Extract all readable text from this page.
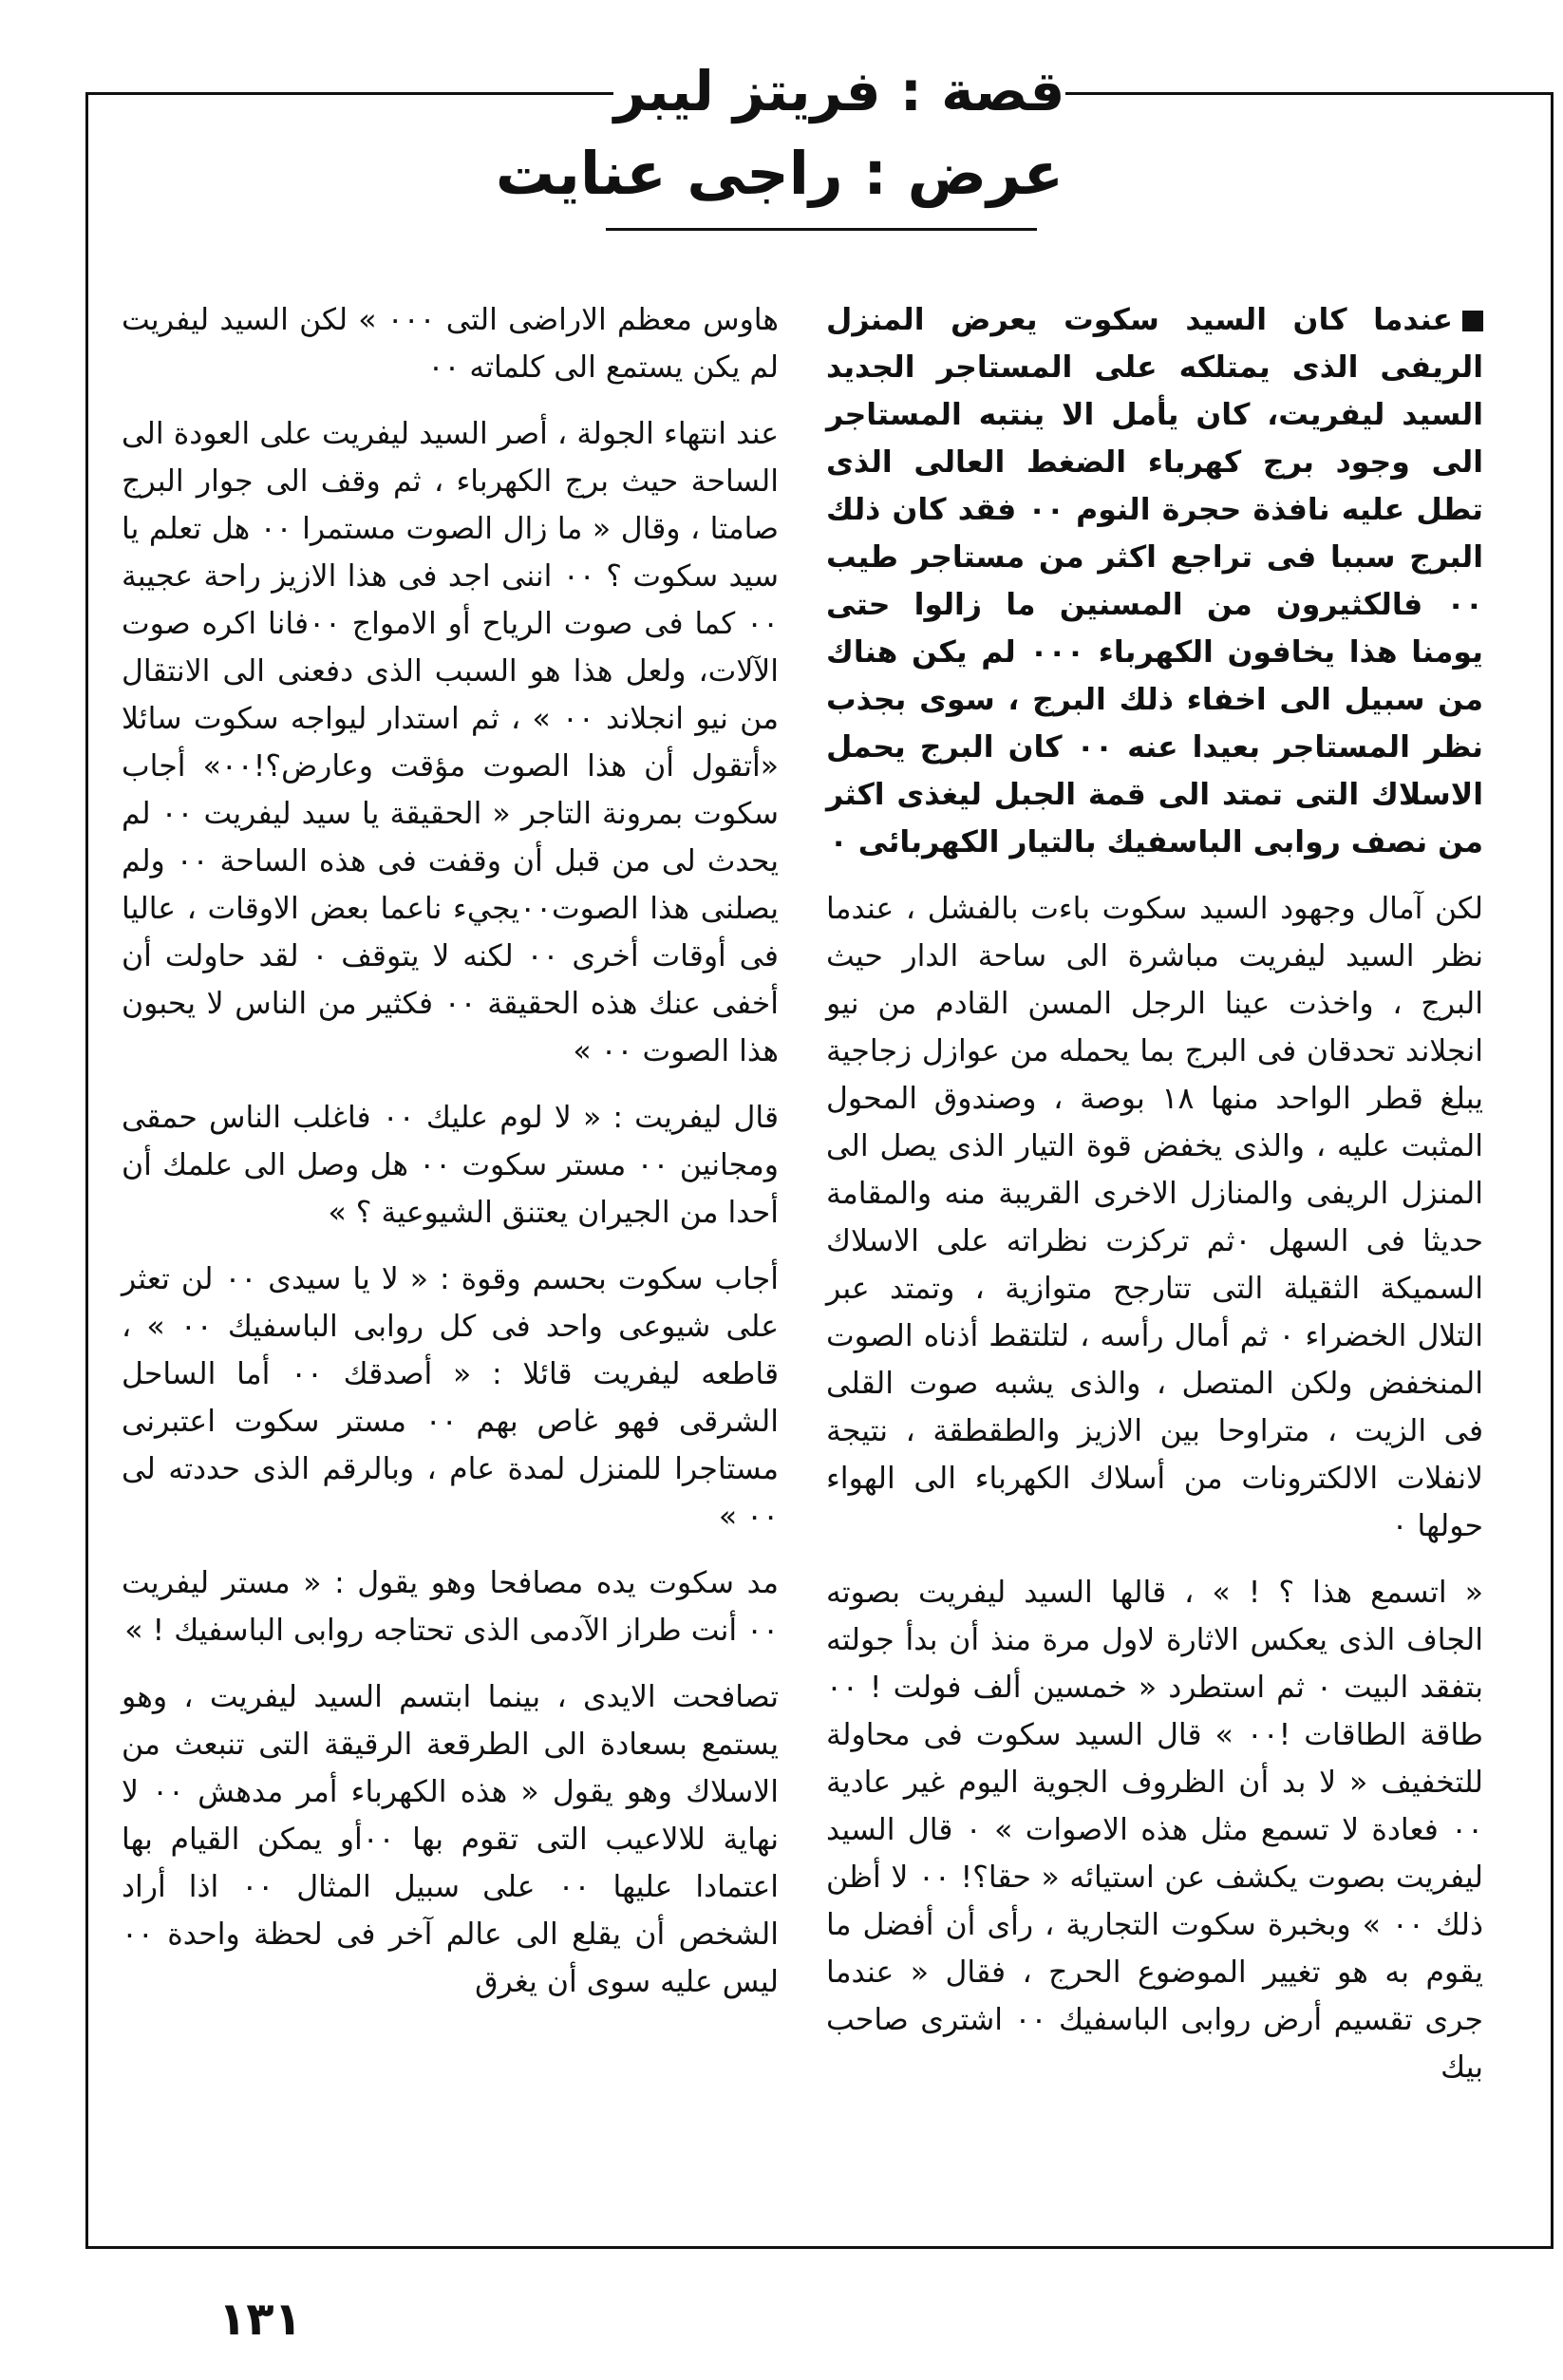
قصة : فريتز ليبر
عرض : راجى عنايت

عندما كان السيد سكوت يعرض المنزل الريفى الذى يمتلكه على المستاجر الجديد السيد ليفريت، كان يأمل الا ينتبه المستاجر الى وجود برج كهرباء الضغط العالى الذى تطل عليه نافذة حجرة النوم ٠٠ فقد كان ذلك البرج سببا فى تراجع اكثر من مستاجر طيب ٠٠ فالكثيرون من المسنين ما زالوا حتى يومنا هذا يخافون الكهرباء ٠٠٠ لم يكن هناك من سبيل الى اخفاء ذلك البرج ، سوى بجذب نظر المستاجر بعيدا عنه ٠٠ كان البرج يحمل الاسلاك التى تمتد الى قمة الجبل ليغذى اكثر من نصف روابى الباسفيك بالتيار الكهربائى ٠

لكن آمال وجهود السيد سكوت باءت بالفشل ، عندما نظر السيد ليفريت مباشرة الى ساحة الدار حيث البرج ، واخذت عينا الرجل المسن القادم من نيو انجلاند تحدقان فى البرج بما يحمله من عوازل زجاجية يبلغ قطر الواحد منها ١٨ بوصة ، وصندوق المحول المثبت عليه ، والذى يخفض قوة التيار الذى يصل الى المنزل الريفى والمنازل الاخرى القريبة منه والمقامة حديثا فى السهل ٠ثم تركزت نظراته على الاسلاك السميكة الثقيلة التى تتارجح متوازية ، وتمتد عبر التلال الخضراء ٠ ثم أمال رأسه ، لتلتقط أذناه الصوت المنخفض ولكن المتصل ، والذى يشبه صوت القلى فى الزيت ، متراوحا بين الازيز والطقطقة ، نتيجة لانفلات الالكترونات من أسلاك الكهرباء الى الهواء حولها ٠

« اتسمع هذا ؟ ! » ، قالها السيد ليفريت بصوته الجاف الذى يعكس الاثارة لاول مرة منذ أن بدأ جولته بتفقد البيت ٠ ثم استطرد « خمسين ألف فولت ! ٠٠ طاقة الطاقات !٠٠ » قال السيد سكوت فى محاولة للتخفيف « لا بد أن الظروف الجوية اليوم غير عادية ٠٠ فعادة لا تسمع مثل هذه الاصوات » ٠ قال السيد ليفريت بصوت يكشف عن استيائه « حقا؟! ٠٠ لا أظن ذلك ٠٠ » وبخبرة سكوت التجارية ، رأى أن أفضل ما يقوم به هو تغيير الموضوع الحرج ، فقال « عندما جرى تقسيم أرض روابى الباسفيك ٠٠ اشترى صاحب بيك

هاوس معظم الاراضى التى ٠٠٠ » لكن السيد ليفريت لم يكن يستمع الى كلماته ٠٠

عند انتهاء الجولة ، أصر السيد ليفريت على العودة الى الساحة حيث برج الكهرباء ، ثم وقف الى جوار البرج صامتا ، وقال « ما زال الصوت مستمرا ٠٠ هل تعلم يا سيد سكوت ؟ ٠٠ اننى اجد فى هذا الازيز راحة عجيبة ٠٠ كما فى صوت الرياح أو الامواج ٠٠فانا اكره صوت الآلات، ولعل هذا هو السبب الذى دفعنى الى الانتقال من نيو انجلاند ٠٠ » ، ثم استدار ليواجه سكوت سائلا «أتقول أن هذا الصوت مؤقت وعارض؟!٠٠» أجاب سكوت بمرونة التاجر « الحقيقة يا سيد ليفريت ٠٠ لم يحدث لى من قبل أن وقفت فى هذه الساحة ٠٠ ولم يصلنى هذا الصوت٠٠يجيء ناعما بعض الاوقات ، عاليا فى أوقات أخرى ٠٠ لكنه لا يتوقف ٠ لقد حاولت أن أخفى عنك هذه الحقيقة ٠٠ فكثير من الناس لا يحبون هذا الصوت ٠٠ »

قال ليفريت : « لا لوم عليك ٠٠ فاغلب الناس حمقى ومجانين ٠٠ مستر سكوت ٠٠ هل وصل الى علمك أن أحدا من الجيران يعتنق الشيوعية ؟ »

أجاب سكوت بحسم وقوة : « لا يا سيدى ٠٠ لن تعثر على شيوعى واحد فى كل روابى الباسفيك ٠٠ » ، قاطعه ليفريت قائلا : « أصدقك ٠٠ أما الساحل الشرقى فهو غاص بهم ٠٠ مستر سكوت اعتبرنى مستاجرا للمنزل لمدة عام ، وبالرقم الذى حددته لى ٠٠ »

مد سكوت يده مصافحا وهو يقول : « مستر ليفريت ٠٠ أنت طراز الآدمى الذى تحتاجه روابى الباسفيك ! »

تصافحت الايدى ، بينما ابتسم السيد ليفريت ، وهو يستمع بسعادة الى الطرقعة الرقيقة التى تنبعث من الاسلاك وهو يقول « هذه الكهرباء أمر مدهش ٠٠ لا نهاية للالاعيب التى تقوم بها ٠٠أو يمكن القيام بها اعتمادا عليها ٠٠ على سبيل المثال ٠٠ اذا أراد الشخص أن يقلع الى عالم آخر فى لحظة واحدة ٠٠ ليس عليه سوى أن يغرق

١٣١
